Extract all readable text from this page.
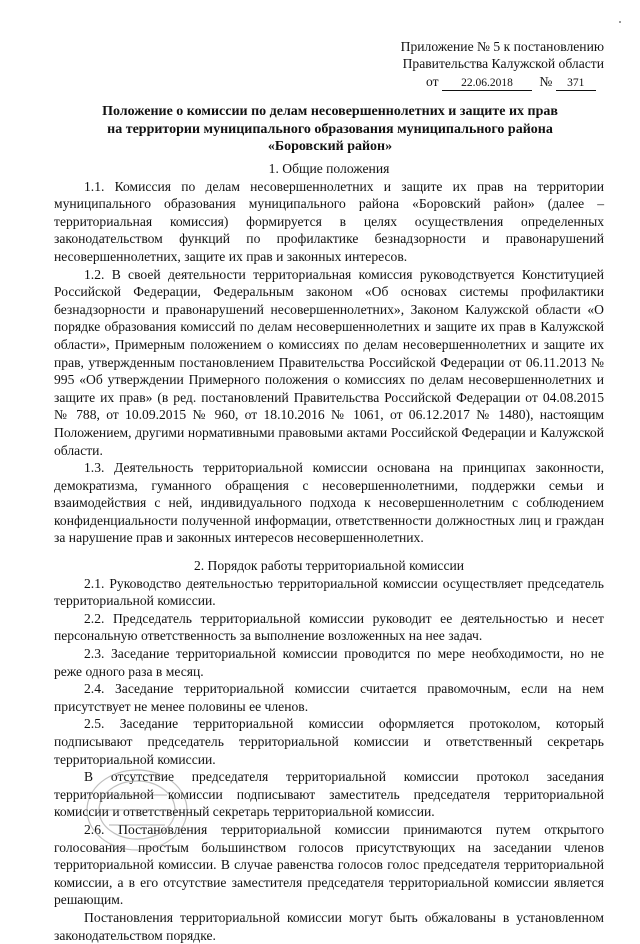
Приложение № 5 к постановлению
Правительства Калужской области
от 22.06.2018 № 371
Положение о комиссии по делам несовершеннолетних и защите их прав
на территории муниципального образования муниципального района
«Боровский район»

1. Общие положения

1.1. Комиссия по делам несовершеннолетних и защите их прав на территории муниципального образования муниципального района «Боровский район» (далее – территориальная комиссия) формируется в целях осуществления определенных законодательством функций по профилактике безнадзорности и правонарушений несовершеннолетних, защите их прав и законных интересов.

1.2. В своей деятельности территориальная комиссия руководствуется Конституцией Российской Федерации, Федеральным законом «Об основах системы профилактики безнадзорности и правонарушений несовершеннолетних», Законом Калужской области «О порядке образования комиссий по делам несовершеннолетних и защите их прав в Калужской области», Примерным положением о комиссиях по делам несовершеннолетних и защите их прав, утвержденным постановлением Правительства Российской Федерации от 06.11.2013 № 995 «Об утверждении Примерного положения о комиссиях по делам несовершеннолетних и защите их прав» (в ред. постановлений Правительства Российской Федерации от 04.08.2015 № 788, от 10.09.2015 № 960, от 18.10.2016 № 1061, от 06.12.2017 № 1480), настоящим Положением, другими нормативными правовыми актами Российской Федерации и Калужской области.

1.3. Деятельность территориальной комиссии основана на принципах законности, демократизма, гуманного обращения с несовершеннолетними, поддержки семьи и взаимодействия с ней, индивидуального подхода к несовершеннолетним с соблюдением конфиденциальности полученной информации, ответственности должностных лиц и граждан за нарушение прав и законных интересов несовершеннолетних.

2. Порядок работы территориальной комиссии

2.1. Руководство деятельностью территориальной комиссии осуществляет председатель территориальной комиссии.

2.2. Председатель территориальной комиссии руководит ее деятельностью и несет персональную ответственность за выполнение возложенных на нее задач.

2.3. Заседание территориальной комиссии проводится по мере необходимости, но не реже одного раза в месяц.

2.4. Заседание территориальной комиссии считается правомочным, если на нем присутствует не менее половины ее членов.

2.5. Заседание территориальной комиссии оформляется протоколом, который подписывают председатель территориальной комиссии и ответственный секретарь территориальной комиссии.

В отсутствие председателя территориальной комиссии протокол заседания территориальной комиссии подписывают заместитель председателя территориальной комиссии и ответственный секретарь территориальной комиссии.

2.6. Постановления территориальной комиссии принимаются путем открытого голосования простым большинством голосов присутствующих на заседании членов территориальной комиссии. В случае равенства голосов голос председателя территориальной комиссии, а в его отсутствие заместителя председателя территориальной комиссии является решающим.

Постановления территориальной комиссии могут быть обжалованы в установленном законодательством порядке.
